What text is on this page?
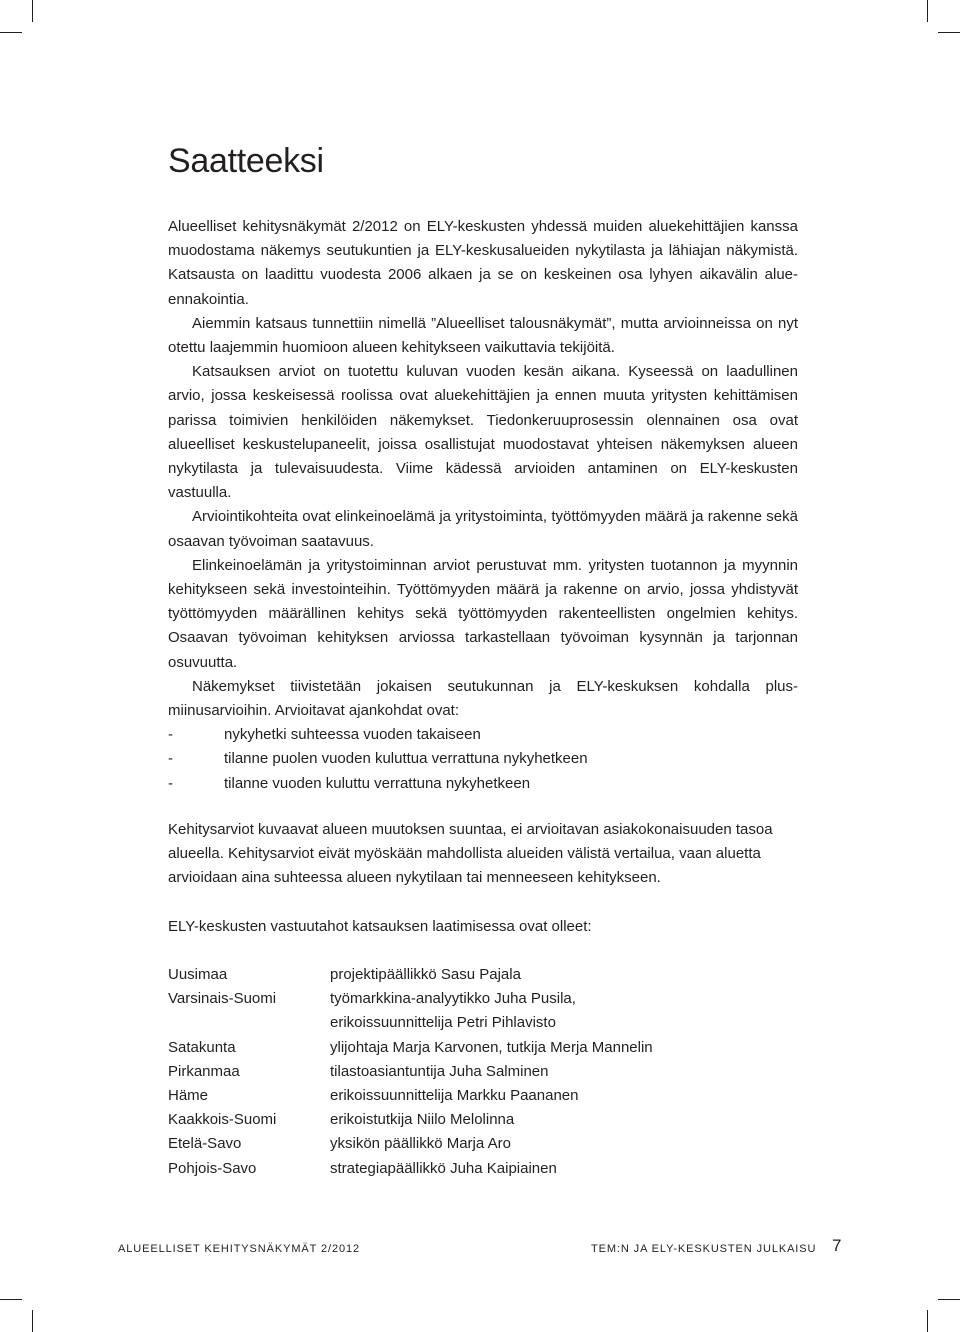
Saatteeksi

Alueelliset kehitysnäkymät 2/2012 on ELY-keskusten yhdessä muiden aluekehittäjien kanssa muodostama näkemys seutukuntien ja ELY-keskusalueiden nykytilasta ja lähiajan näkymistä. Katsausta on laadittu vuodesta 2006 alkaen ja se on keskeinen osa lyhyen aikavälin alue-ennakointia.

Aiemmin katsaus tunnettiin nimellä ”Alueelliset talousnäkymät”, mutta arvioinneissa on nyt otettu laajemmin huomioon alueen kehitykseen vaikuttavia tekijöitä.

Katsauksen arviot on tuotettu kuluvan vuoden kesän aikana. Kyseessä on laadullinen arvio, jossa keskeisessä roolissa ovat aluekehittäjien ja ennen muuta yritysten kehittämisen parissa toimivien henkilöiden näkemykset. Tiedonkeruuprosessin olennainen osa ovat alueelliset keskustelupaneelit, joissa osallistujat muodostavat yhteisen näkemyksen alueen nykytilasta ja tulevaisuudesta. Viime kädessä arvioiden antaminen on ELY-keskusten vastuulla.

Arviointikohteita ovat elinkeinoelämä ja yritystoiminta, työttömyyden määrä ja rakenne sekä osaavan työvoiman saatavuus.

Elinkeinoelämän ja yritystoiminnan arviot perustuvat mm. yritysten tuotannon ja myynnin kehitykseen sekä investointeihin. Työttömyyden määrä ja rakenne on arvio, jossa yhdistyvät työttömyyden määrällinen kehitys sekä työttömyyden rakenteellisten ongelmien kehitys. Osaavan työvoiman kehityksen arviossa tarkastellaan työvoiman kysynnän ja tarjonnan osuvuutta.

Näkemykset tiivistetään jokaisen seutukunnan ja ELY-keskuksen kohdalla plus-miinusarvioihin. Arvioitavat ajankohdat ovat:

-	nykyhetki suhteessa vuoden takaiseen
-	tilanne puolen vuoden kuluttua verrattuna nykyhetkeen
-	tilanne vuoden kuluttu verrattuna nykyhetkeen

Kehitysarviot kuvaavat alueen muutoksen suuntaa, ei arvioitavan asiakokonaisuuden tasoa alueella. Kehitysarviot eivät myöskään mahdollista alueiden välistä vertailua, vaan aluetta arvioidaan aina suhteessa alueen nykytilaan tai menneeseen kehitykseen.

ELY-keskusten vastuutahot katsauksen laatimisessa ovat olleet:

Uusimaa	projektipäällikkö Sasu Pajala
Varsinais-Suomi	työmarkkina-analyytikko Juha Pusila,
erikoissuunnittelija Petri Pihlavisto
Satakunta	ylijohtaja Marja Karvonen, tutkija Merja Mannelin
Pirkanmaa	tilastoasiantuntija Juha Salminen
Häme	erikoissuunnittelija Markku Paananen
Kaakkois-Suomi	erikoistutkija Niilo Melolinna
Etelä-Savo	yksikön päällikkö Marja Aro
Pohjois-Savo	strategiapäällikkö Juha Kaipiainen
ALUEELLISET KEHITYSNÄKYMÄT 2/2012	TEM:N JA ELY-KESKUSTEN JULKAISU 7
